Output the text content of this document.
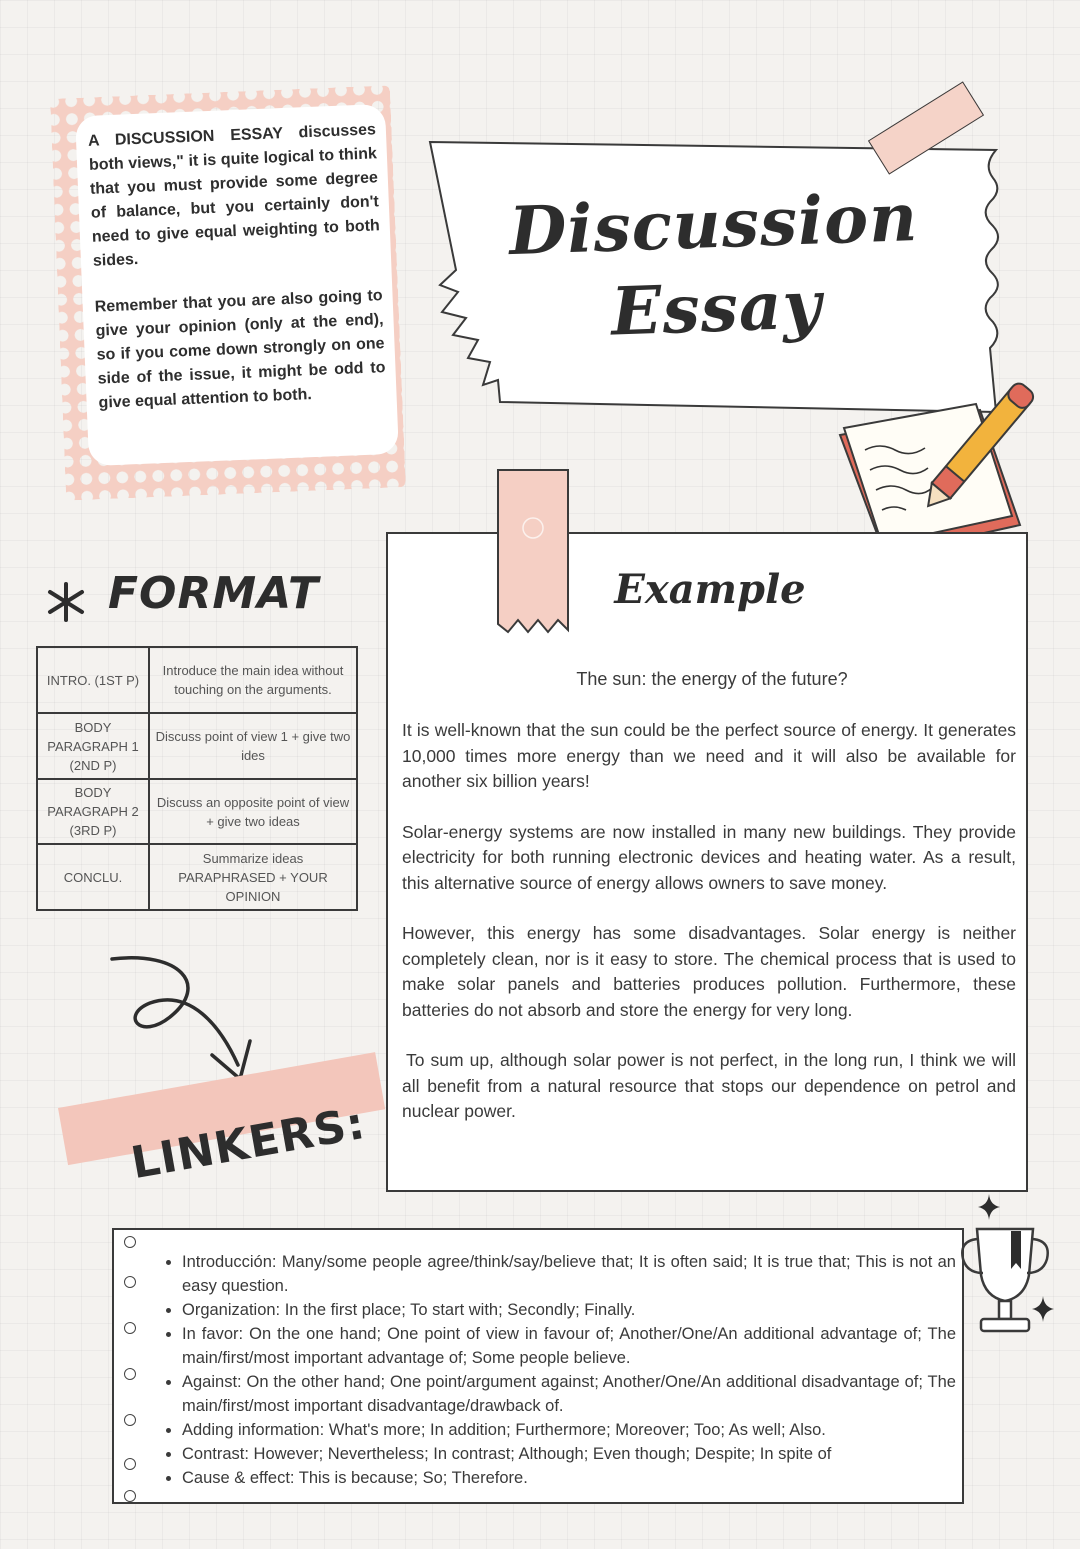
A DISCUSSION ESSAY discusses both views," it is quite logical to think that you must provide some degree of balance, but you certainly don't need to give equal weighting to both sides.

Remember that you are also going to give your opinion (only at the end), so if you come down strongly on one side of the issue, it might be odd to give equal attention to both.

Discussion
Essay
FORMAT
INTRO. (1ST P)	Introduce the main idea without touching on the arguments.
BODY PARAGRAPH 1 (2ND P)	Discuss point of view 1 + give two ides
BODY PARAGRAPH 2 (3RD P)	Discuss an opposite point of view + give two ideas
CONCLU.	Summarize ideas PARAPHRASED + YOUR OPINION
Example
The sun: the energy of the future?

It is well-known that the sun could be the perfect source of energy. It generates 10,000 times more energy than we need and it will also be available for another six billion years!

Solar-energy systems are now installed in many new buildings. They provide electricity for both running electronic devices and heating water. As a result, this alternative source of energy allows owners to save money.

However, this energy has some disadvantages. Solar energy is neither completely clean, nor is it easy to store. The chemical process that is used to make solar panels and batteries produces pollution. Furthermore, these batteries do not absorb and store the energy for very long.

To sum up, although solar power is not perfect, in the long run, I think we will all benefit from a natural resource that stops our dependence on petrol and nuclear power.

LINKERS:
• Introducción: Many/some people agree/think/say/believe that; It is often said; It is true that; This is not an easy question.
• Organization: In the first place; To start with; Secondly; Finally.
• In favor: On the one hand; One point of view in favour of; Another/One/An additional advantage of; The main/first/most important advantage of; Some people believe.
• Against: On the other hand; One point/argument against; Another/One/An additional disadvantage of; The main/first/most important disadvantage/drawback of.
• Adding information: What's more; In addition; Furthermore; Moreover; Too; As well; Also.
• Contrast: However; Nevertheless; In contrast; Although; Even though; Despite; In spite of
• Cause & effect: This is because; So; Therefore.
